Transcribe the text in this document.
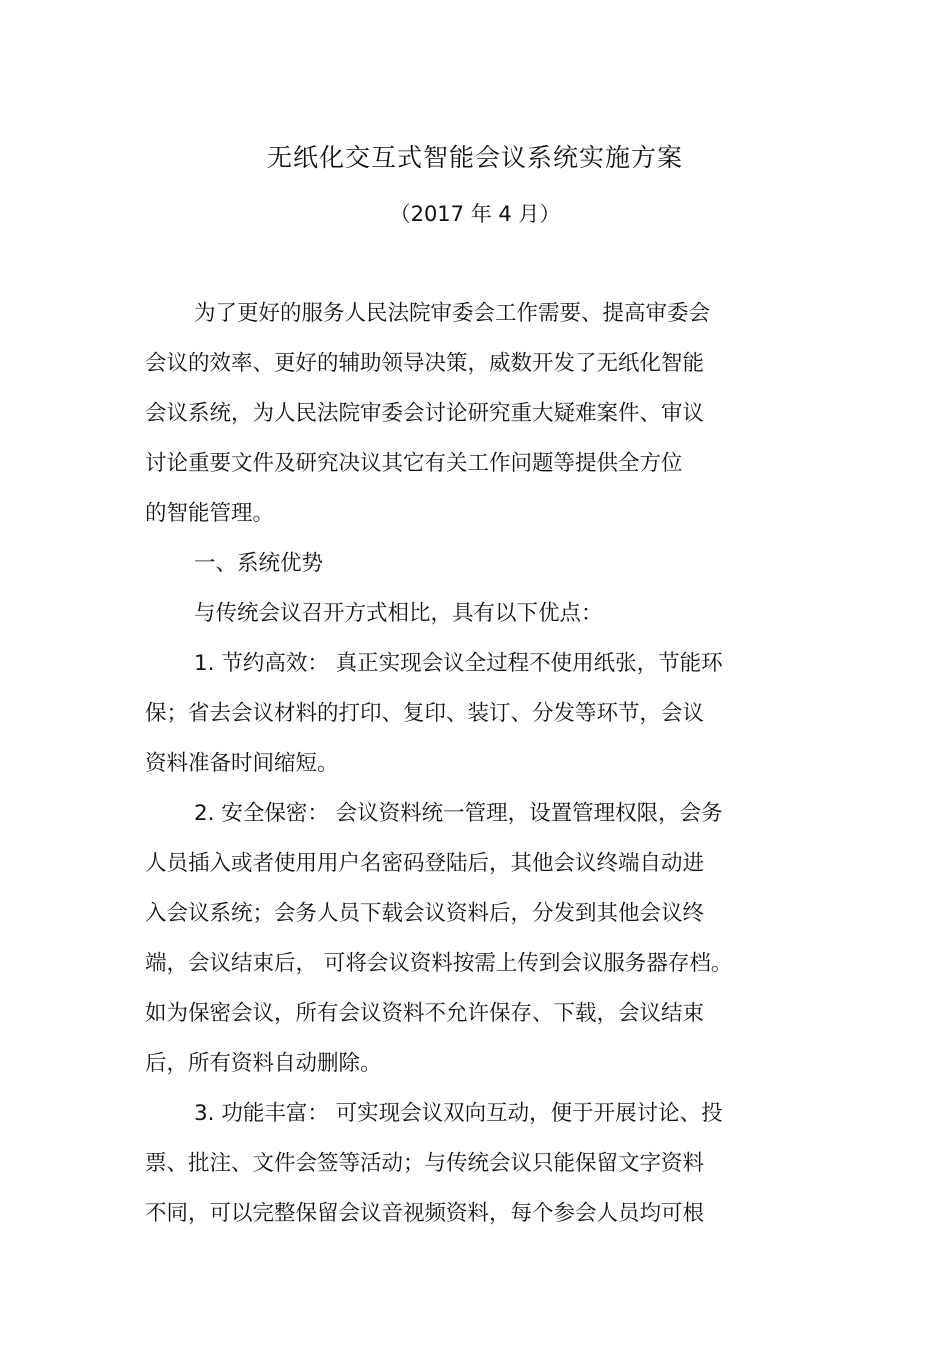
无纸化交互式智能会议系统实施方案
（2017 年 4 月）
为了更好的服务人民法院审委会工作需要、提高审委会
会议的效率、更好的辅助领导决策，威数开发了无纸化智能
会议系统，为人民法院审委会讨论研究重大疑难案件、审议
讨论重要文件及研究决议其它有关工作问题等提供全方位
的智能管理。
一、系统优势
与传统会议召开方式相比，具有以下优点：
1. 节约高效： 真正实现会议全过程不使用纸张，节能环
保；省去会议材料的打印、复印、装订、分发等环节，会议
资料准备时间缩短。
2. 安全保密： 会议资料统一管理，设置管理权限，会务
人员插入或者使用用户名密码登陆后，其他会议终端自动进
入会议系统；会务人员下载会议资料后，分发到其他会议终
端，会议结束后， 可将会议资料按需上传到会议服务器存档。
如为保密会议，所有会议资料不允许保存、下载，会议结束
后，所有资料自动删除。
3. 功能丰富： 可实现会议双向互动，便于开展讨论、投
票、批注、文件会签等活动；与传统会议只能保留文字资料
不同，可以完整保留会议音视频资料，每个参会人员均可根
